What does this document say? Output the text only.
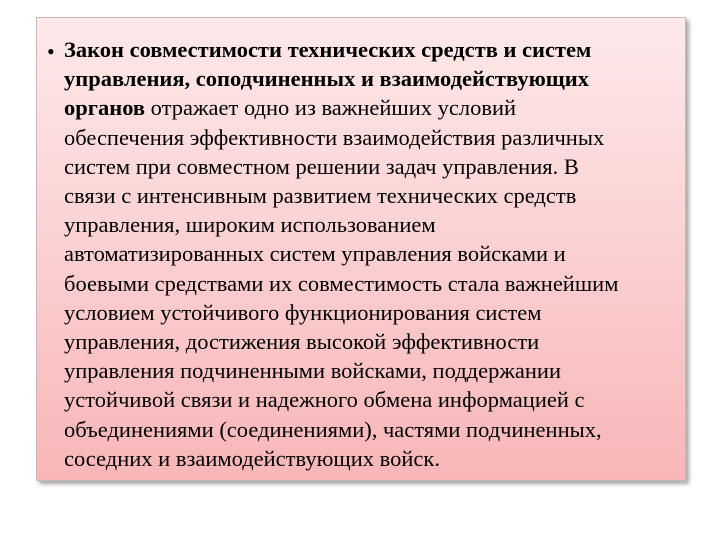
• Закон совместимости технических средств и систем
управления, соподчиненных и взаимодействующих
органов отражает одно из важнейших условий
обеспечения эффективности взаимодействия различных
систем при совместном решении задач управления. В
связи с интенсивным развитием технических средств
управления, широким использованием
автоматизированных систем управления войсками и
боевыми средствами их совместимость стала важнейшим
условием устойчивого функционирования систем
управления, достижения высокой эффективности
управления подчиненными войсками, поддержании
устойчивой связи и надежного обмена информацией с
объединениями (соединениями), частями подчиненных,
соседних и взаимодействующих войск.
